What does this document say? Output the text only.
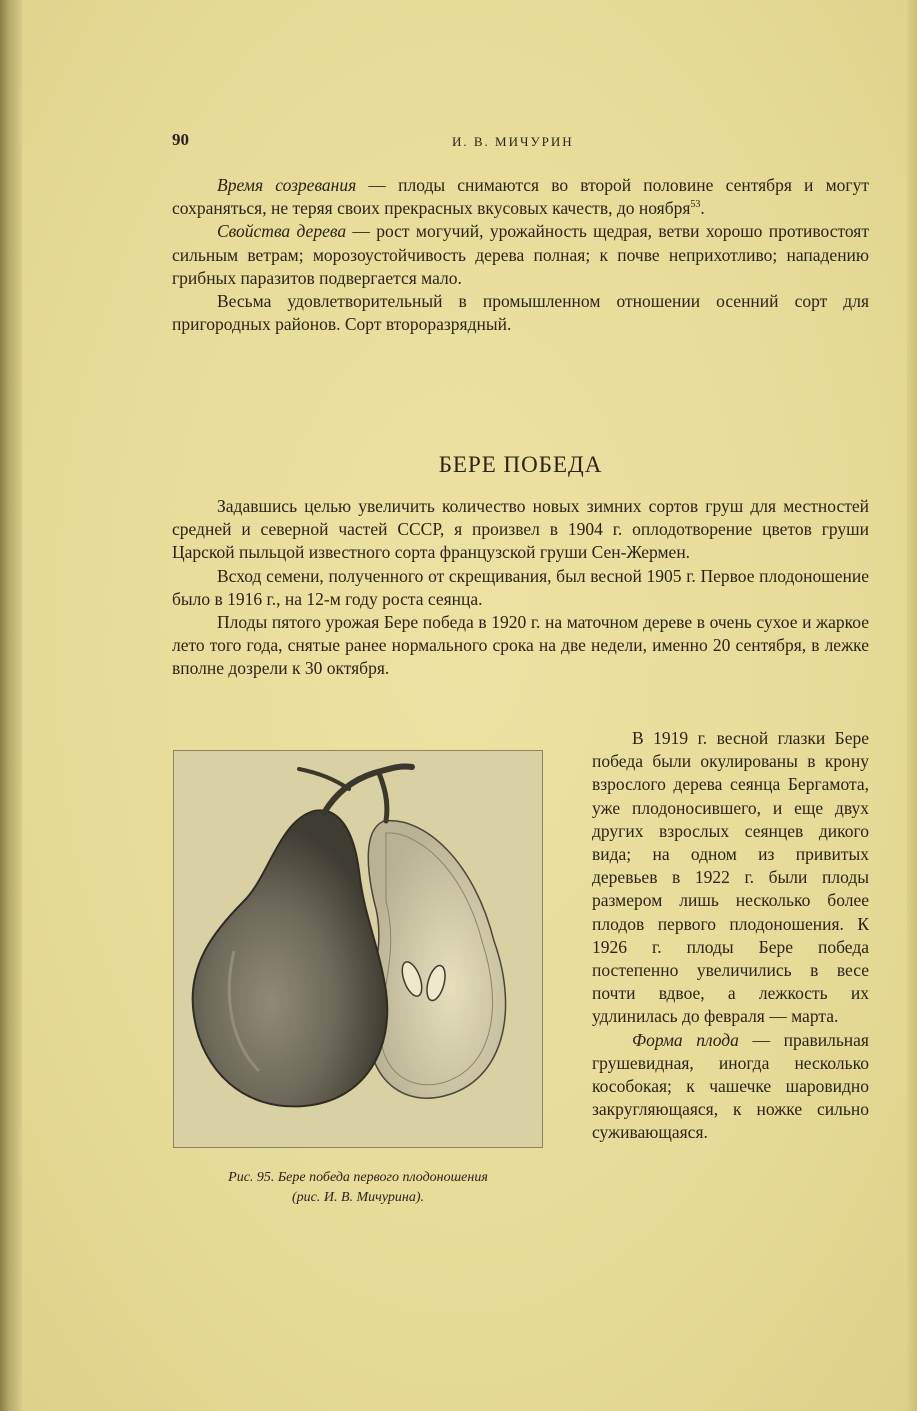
90	И. В. МИЧУРИН

Время созревания — плоды снимаются во второй половине сентября и могут сохраняться, не теряя своих прекрасных вкусовых качеств, до ноября$^{53}$.

Свойства дерева — рост могучий, урожайность щедрая, ветви хорошо противостоят сильным ветрам; морозоустойчивость дерева полная; к почве неприхотливо; нападению грибных паразитов подвергается мало.

Весьма удовлетворительный в промышленном отношении осенний сорт для пригородных районов. Сорт второразрядный.

БЕРЕ ПОБЕДА

Задавшись целью увеличить количество новых зимних сортов груш для местностей средней и северной частей СССР, я произвел в 1904 г. оплодотворение цветов груши Царской пыльцой известного сорта французской груши Сен-Жермен.

Всход семени, полученного от скрещивания, был весной 1905 г. Первое плодоношение было в 1916 г., на 12-м году роста сеянца.

Плоды пятого урожая Бере победа в 1920 г. на маточном дереве в очень сухое и жаркое лето того года, снятые ранее нормального срока на две недели, именно 20 сентября, в лежке вполне дозрели к 30 октября.

Рис. 95. Бере победа первого плодоношения
(рис. И. В. Мичурина).

В 1919 г. весной глазки Бере победа были окулированы в крону взрослого дерева сеянца Бергамота, уже плодоносившего, и еще двух других взрослых сеянцев дикого вида; на одном из привитых деревьев в 1922 г. были плоды размером лишь несколько более плодов первого плодоношения. К 1926 г. плоды Бере победа постепенно увеличились в весе почти вдвое, а лежкость их удлинилась до февраля — марта.

Форма плода — правильная грушевидная, иногда несколько кособокая; к чашечке шаровидно закругляющаяся, к ножке сильно суживающаяся.
